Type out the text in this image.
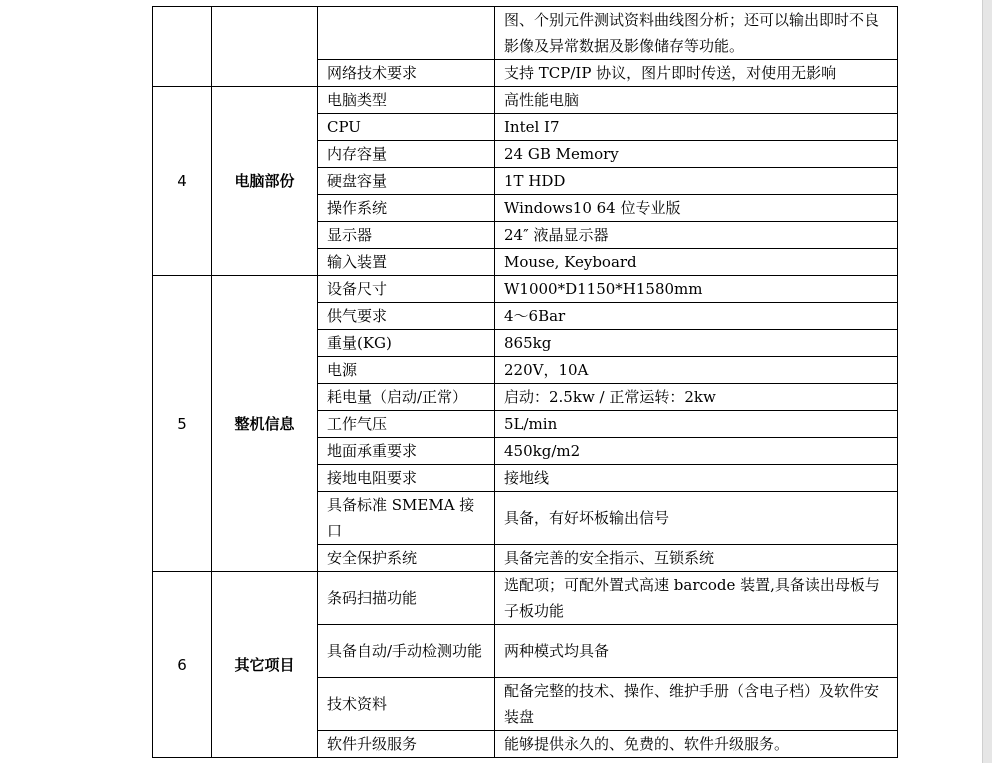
			图、个别元件测试资料曲线图分析；还可以输出即时不良影像及异常数据及影像储存等功能。
		网络技术要求	支持 TCP/IP 协议，图片即时传送，对使用无影响
4	电脑部份	电脑类型	高性能电脑
		CPU	Intel I7
		内存容量	24 GB Memory
		硬盘容量	1T HDD
		操作系统	Windows10 64 位专业版
		显示器	24″ 液晶显示器
		输入装置	Mouse, Keyboard
5	整机信息	设备尺寸	W1000*D1150*H1580mm
		供气要求	4～6Bar
		重量(KG)	865kg
		电源	220V，10A
		耗电量（启动/正常）	启动：2.5kw / 正常运转：2kw
		工作气压	5L/min
		地面承重要求	450kg/m2
		接地电阻要求	接地线
		具备标准 SMEMA 接口	具备，有好坏板输出信号
		安全保护系统	具备完善的安全指示、互锁系统
6	其它项目	条码扫描功能	选配项；可配外置式高速 barcode 装置,具备读出母板与子板功能
		具备自动/手动检测功能	两种模式均具备
		技术资料	配备完整的技术、操作、维护手册（含电子档）及软件安装盘
		软件升级服务	能够提供永久的、免费的、软件升级服务。
